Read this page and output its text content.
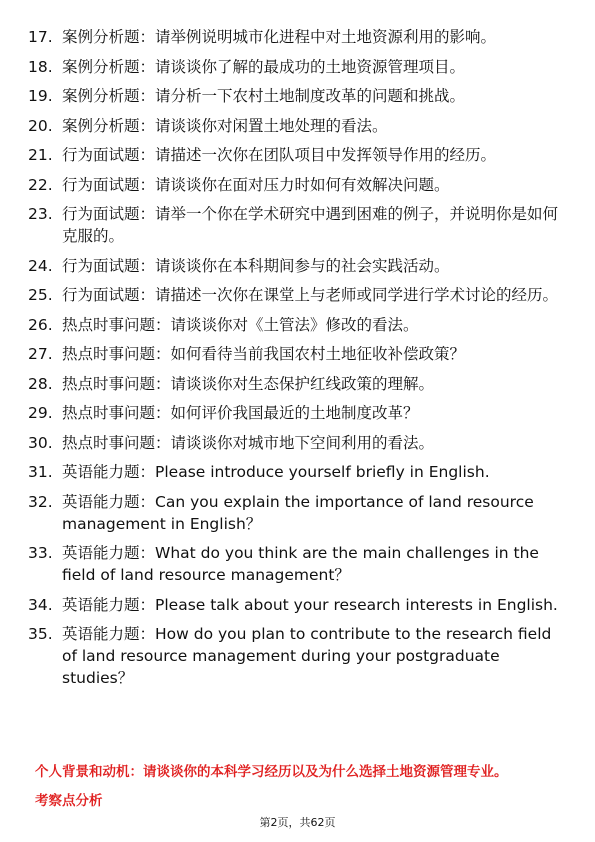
17. 案例分析题：请举例说明城市化进程中对土地资源利用的影响。
18. 案例分析题：请谈谈你了解的最成功的土地资源管理项目。
19. 案例分析题：请分析一下农村土地制度改革的问题和挑战。
20. 案例分析题：请谈谈你对闲置土地处理的看法。
21. 行为面试题：请描述一次你在团队项目中发挥领导作用的经历。
22. 行为面试题：请谈谈你在面对压力时如何有效解决问题。
23. 行为面试题：请举一个你在学术研究中遇到困难的例子，并说明你是如何克服的。
24. 行为面试题：请谈谈你在本科期间参与的社会实践活动。
25. 行为面试题：请描述一次你在课堂上与老师或同学进行学术讨论的经历。
26. 热点时事问题：请谈谈你对《土管法》修改的看法。
27. 热点时事问题：如何看待当前我国农村土地征收补偿政策？
28. 热点时事问题：请谈谈你对生态保护红线政策的理解。
29. 热点时事问题：如何评价我国最近的土地制度改革？
30. 热点时事问题：请谈谈你对城市地下空间利用的看法。
31. 英语能力题：Please introduce yourself briefly in English.
32. 英语能力题：Can you explain the importance of land resource management in English？
33. 英语能力题：What do you think are the main challenges in the field of land resource management？
34. 英语能力题：Please talk about your research interests in English.
35. 英语能力题：How do you plan to contribute to the research field of land resource management during your postgraduate studies？
个人背景和动机：请谈谈你的本科学习经历以及为什么选择土地资源管理专业。
考察点分析
第2页，共62页
